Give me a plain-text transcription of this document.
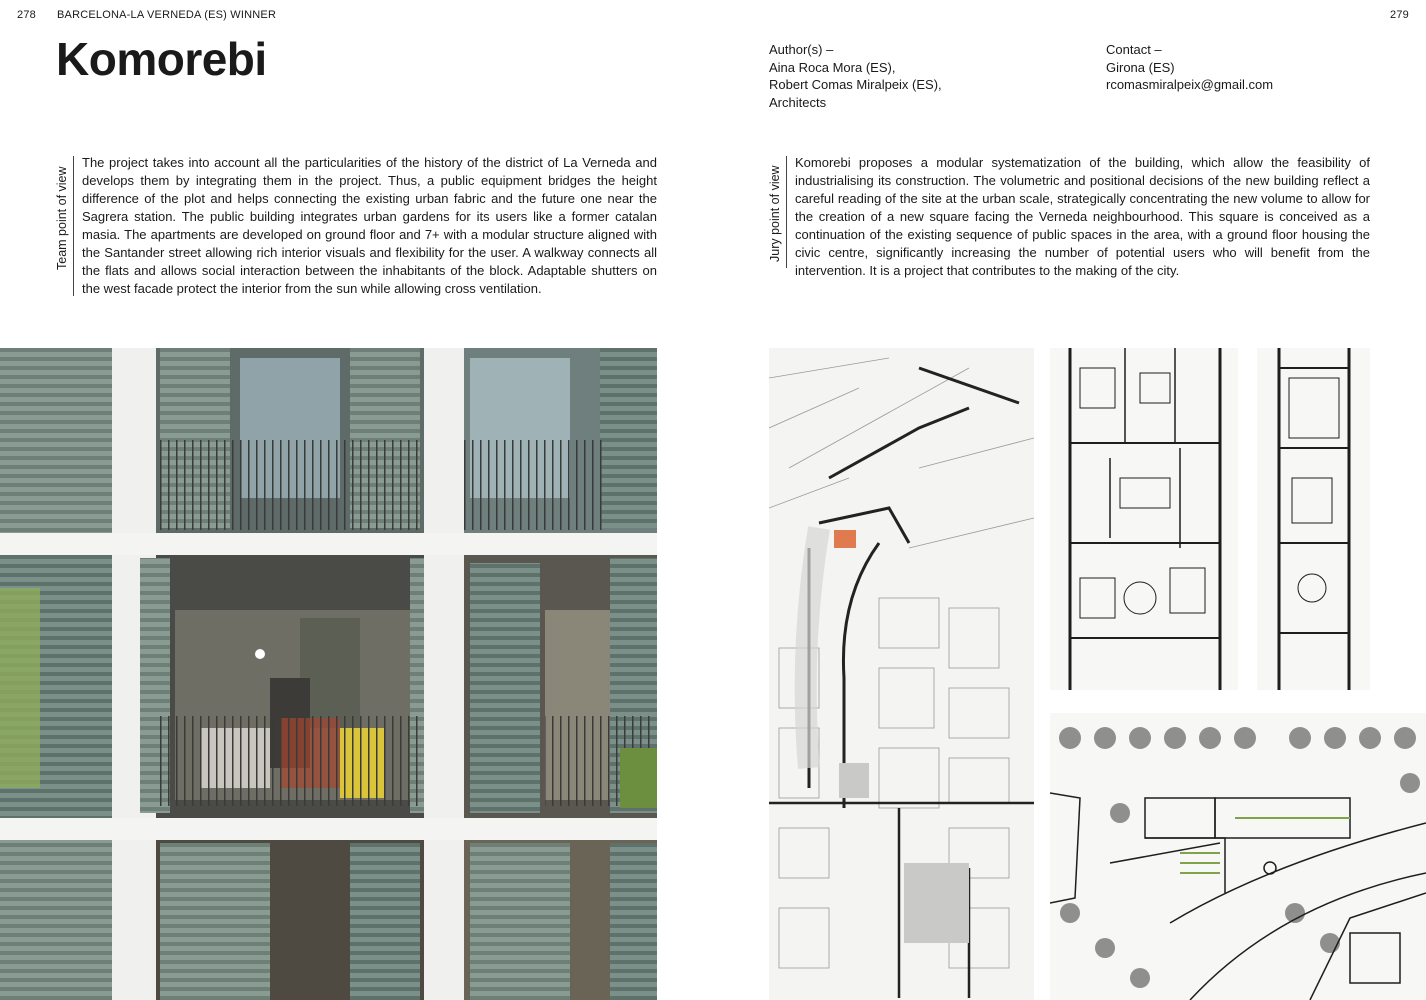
278 BARCELONA-LA VERNEDA (ES) WINNER
Komorebi
Team point of view

The project takes into account all the particularities of the history of the district of La Verneda and develops them by integrating them in the project. Thus, a public equipment bridges the height difference of the plot and helps connecting the existing urban fabric and the future one near the Sagrera station. The public building integrates urban gardens for its users like a former catalan masia. The apartments are developed on ground floor and 7+ with a modular structure aligned with the Santander street allowing rich interior visuals and flexibility for the user. A walkway connects all the flats and allows social interaction between the inhabitants of the block. Adaptable shutters on the west facade protect the interior from the sun while allowing cross ventilation.

279

Author(s) –

Aina Roca Mora (ES),

Robert Comas Miralpeix (ES),

Architects

Contact –

Girona (ES)

rcomasmiralpeix@gmail.com

Jury point of view

Komorebi proposes a modular systematization of the building, which allow the feasibility of industrialising its construction. The volumetric and positional decisions of the new building reflect a careful reading of the site at the urban scale, strategically concentrating the new volume to allow for the creation of a new square facing the Verneda neighbourhood. This square is conceived as a continuation of the existing sequence of public spaces in the area, with a ground floor housing the civic centre, significantly increasing the number of potential users who will benefit from the intervention. It is a project that contributes to the making of the city.
